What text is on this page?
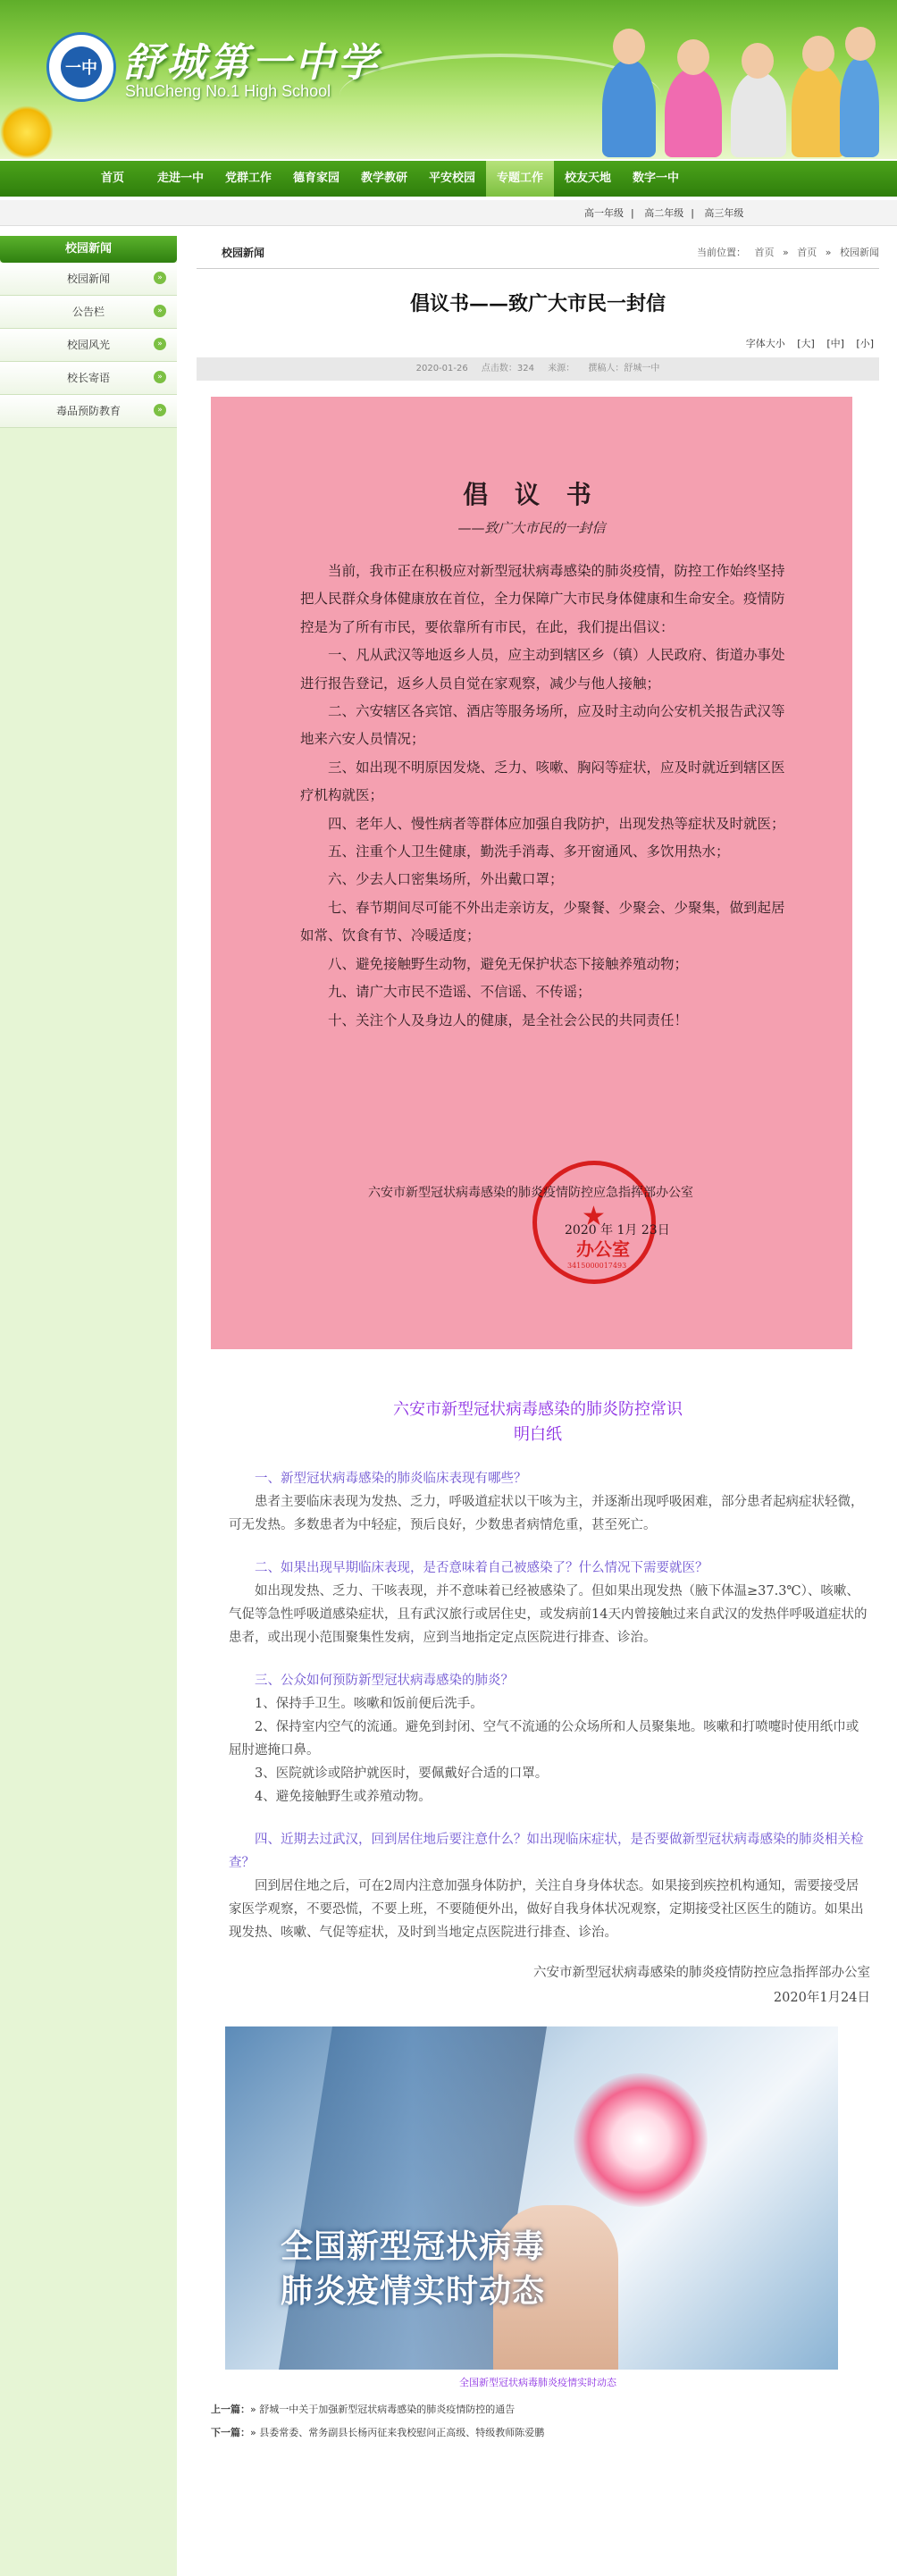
一中 舒城第一中学
ShuCheng No.1 High School
首页	走进一中	党群工作	德育家园	教学教研	平安校园	专题工作	校友天地	数字一中
高一年级 | 高二年级 | 高三年级
校园新闻
校园新闻	»
公告栏	»
校园风光	»
校长寄语	»
毒品预防教育	»
校园新闻	当前位置： 首页 » 首页 » 校园新闻
倡议书——致广大市民一封信
字体大小 [大] [中] [小]
2020-01-26 点击数：324 来源： 撰稿人：舒城一中
倡 议 书
——致广大市民的一封信

当前，我市正在积极应对新型冠状病毒感染的肺炎疫情，防控工作始终坚持把人民群众身体健康放在首位，全力保障广大市民身体健康和生命安全。疫情防控是为了所有市民，要依靠所有市民，在此，我们提出倡议：

一、凡从武汉等地返乡人员，应主动到辖区乡（镇）人民政府、街道办事处进行报告登记，返乡人员自觉在家观察，减少与他人接触；

二、六安辖区各宾馆、酒店等服务场所，应及时主动向公安机关报告武汉等地来六安人员情况；

三、如出现不明原因发烧、乏力、咳嗽、胸闷等症状，应及时就近到辖区医疗机构就医；

四、老年人、慢性病者等群体应加强自我防护，出现发热等症状及时就医；

五、注重个人卫生健康，勤洗手消毒、多开窗通风、多饮用热水；

六、少去人口密集场所，外出戴口罩；

七、春节期间尽可能不外出走亲访友，少聚餐、少聚会、少聚集，做到起居如常、饮食有节、冷暖适度；

八、避免接触野生动物，避免无保护状态下接触养殖动物；

九、请广大市民不造谣、不信谣、不传谣；

十、关注个人及身边人的健康，是全社会公民的共同责任！

★
办公室
3415000017493
六安市新型冠状病毒感染的肺炎疫情防控应急指挥部办公室
2020 年 1月 23日
六安市新型冠状病毒感染的肺炎防控常识
明白纸
一、新型冠状病毒感染的肺炎临床表现有哪些？
患者主要临床表现为发热、乏力，呼吸道症状以干咳为主，并逐渐出现呼吸困难，部分患者起病症状轻微，可无发热。多数患者为中轻症，预后良好，少数患者病情危重，甚至死亡。
二、如果出现早期临床表现，是否意味着自己被感染了？什么情况下需要就医？
如出现发热、乏力、干咳表现，并不意味着已经被感染了。但如果出现发热（腋下体温≥37.3℃）、咳嗽、气促等急性呼吸道感染症状，且有武汉旅行或居住史，或发病前14天内曾接触过来自武汉的发热伴呼吸道症状的患者，或出现小范围聚集性发病，应到当地指定定点医院进行排查、诊治。
三、公众如何预防新型冠状病毒感染的肺炎？
1、保持手卫生。咳嗽和饭前便后洗手。
2、保持室内空气的流通。避免到封闭、空气不流通的公众场所和人员聚集地。咳嗽和打喷嚏时使用纸巾或屈肘遮掩口鼻。
3、医院就诊或陪护就医时，要佩戴好合适的口罩。
4、避免接触野生或养殖动物。
四、近期去过武汉，回到居住地后要注意什么？如出现临床症状，是否要做新型冠状病毒感染的肺炎相关检查？
回到居住地之后，可在2周内注意加强身体防护，关注自身身体状态。如果接到疾控机构通知，需要接受居家医学观察，不要恐慌，不要上班，不要随便外出，做好自我身体状况观察，定期接受社区医生的随访。如果出现发热、咳嗽、气促等症状，及时到当地定点医院进行排查、诊治。
六安市新型冠状病毒感染的肺炎疫情防控应急指挥部办公室
2020年1月24日
全国新型冠状病毒
肺炎疫情实时动态
全国新型冠状病毒肺炎疫情实时动态
上一篇：» 舒城一中关于加强新型冠状病毒感染的肺炎疫情防控的通告
下一篇：» 县委常委、常务副县长杨丙征来我校慰问正高级、特级教师陈爱鹏
